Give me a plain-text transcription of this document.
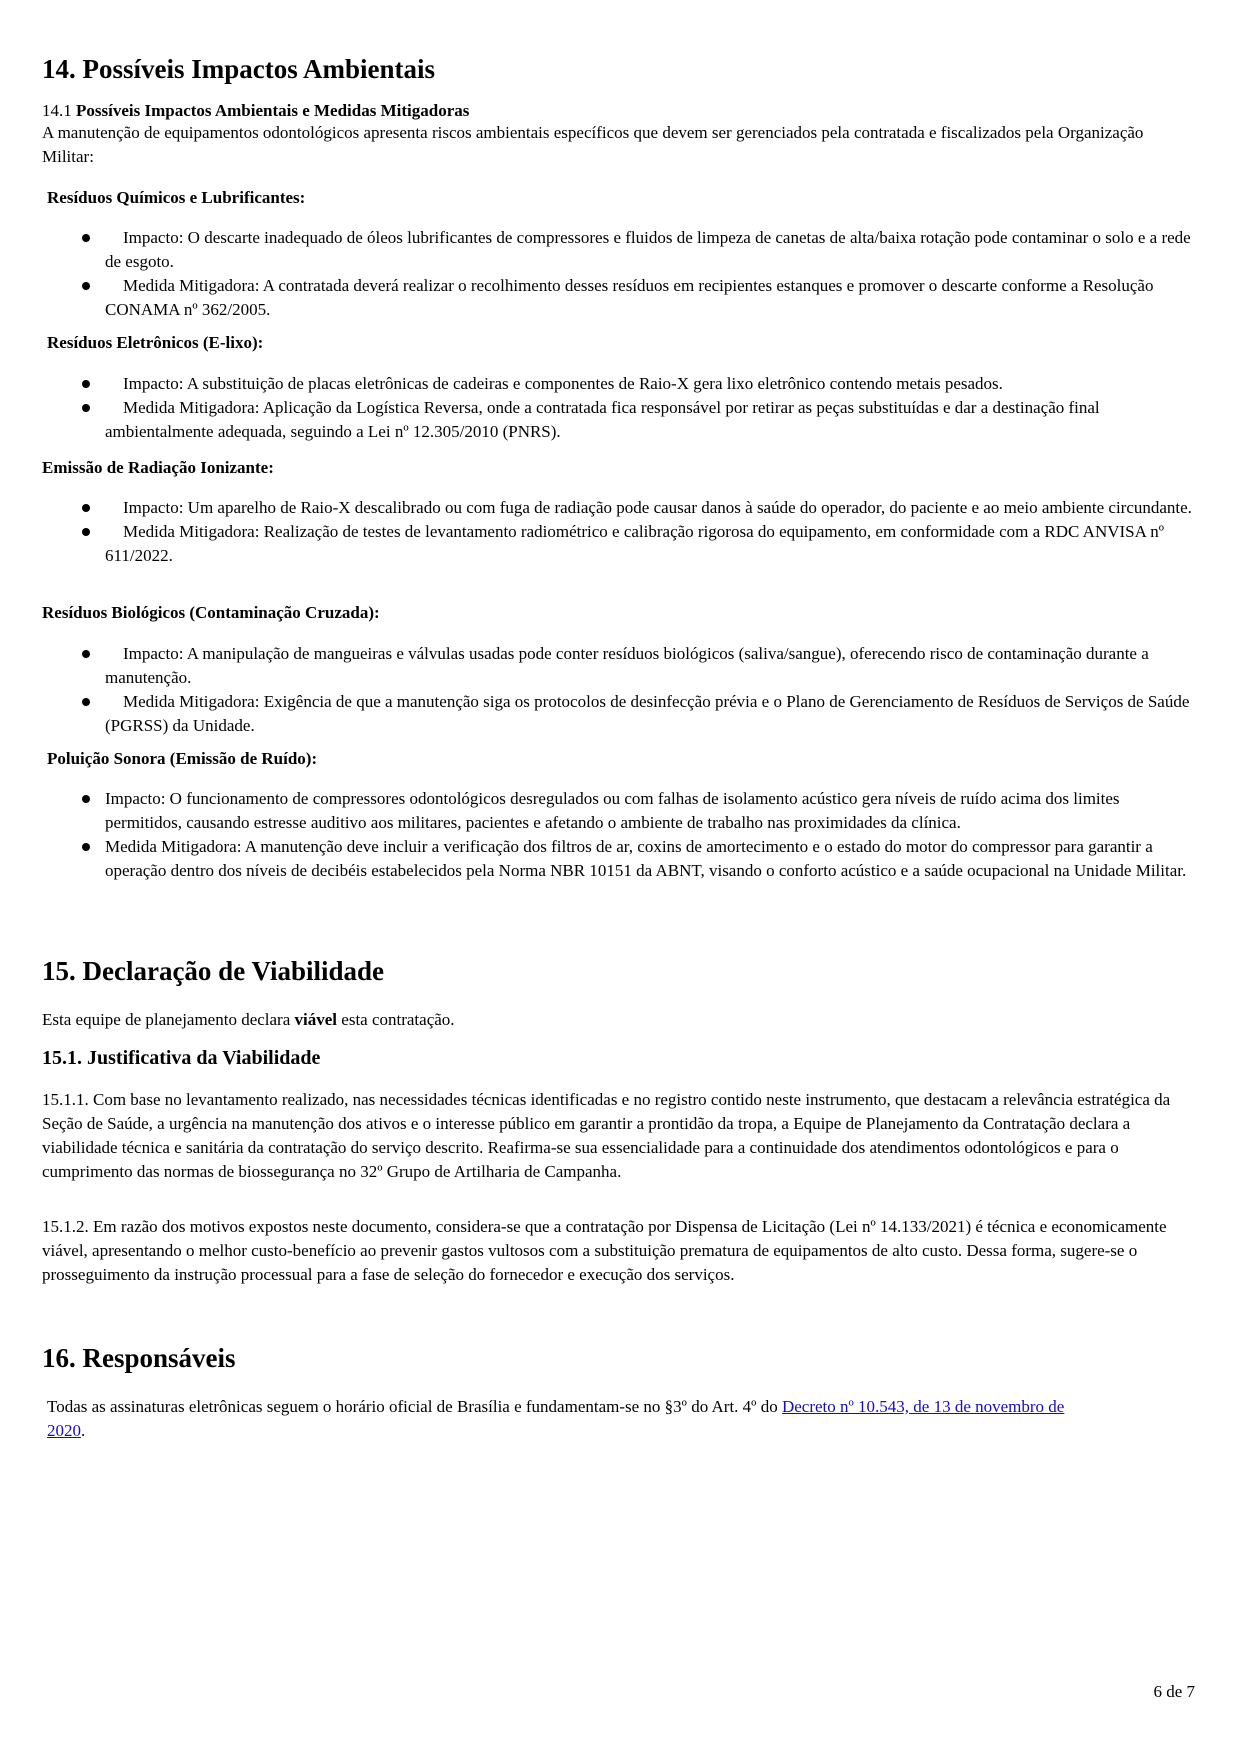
14. Possíveis Impactos Ambientais
14.1 Possíveis Impactos Ambientais e Medidas Mitigadoras
A manutenção de equipamentos odontológicos apresenta riscos ambientais específicos que devem ser gerenciados pela contratada e fiscalizados pela Organização Militar:
Resíduos Químicos e Lubrificantes:
Impacto: O descarte inadequado de óleos lubrificantes de compressores e fluidos de limpeza de canetas de alta/baixa rotação pode contaminar o solo e a rede de esgoto.
Medida Mitigadora: A contratada deverá realizar o recolhimento desses resíduos em recipientes estanques e promover o descarte conforme a Resolução CONAMA nº 362/2005.
Resíduos Eletrônicos (E-lixo):
Impacto: A substituição de placas eletrônicas de cadeiras e componentes de Raio-X gera lixo eletrônico contendo metais pesados.
Medida Mitigadora: Aplicação da Logística Reversa, onde a contratada fica responsável por retirar as peças substituídas e dar a destinação final ambientalmente adequada, seguindo a Lei nº 12.305/2010 (PNRS).
Emissão de Radiação Ionizante:
Impacto: Um aparelho de Raio-X descalibrado ou com fuga de radiação pode causar danos à saúde do operador, do paciente e ao meio ambiente circundante.
Medida Mitigadora: Realização de testes de levantamento radiométrico e calibração rigorosa do equipamento, em conformidade com a RDC ANVISA nº 611/2022.
Resíduos Biológicos (Contaminação Cruzada):
Impacto: A manipulação de mangueiras e válvulas usadas pode conter resíduos biológicos (saliva/sangue), oferecendo risco de contaminação durante a manutenção.
Medida Mitigadora: Exigência de que a manutenção siga os protocolos de desinfecção prévia e o Plano de Gerenciamento de Resíduos de Serviços de Saúde (PGRSS) da Unidade.
Poluição Sonora (Emissão de Ruído):
Impacto: O funcionamento de compressores odontológicos desregulados ou com falhas de isolamento acústico gera níveis de ruído acima dos limites permitidos, causando estresse auditivo aos militares, pacientes e afetando o ambiente de trabalho nas proximidades da clínica.
Medida Mitigadora: A manutenção deve incluir a verificação dos filtros de ar, coxins de amortecimento e o estado do motor do compressor para garantir a operação dentro dos níveis de decibéis estabelecidos pela Norma NBR 10151 da ABNT, visando o conforto acústico e a saúde ocupacional na Unidade Militar.
15. Declaração de Viabilidade
Esta equipe de planejamento declara viável esta contratação.
15.1. Justificativa da Viabilidade
15.1.1. Com base no levantamento realizado, nas necessidades técnicas identificadas e no registro contido neste instrumento, que destacam a relevância estratégica da Seção de Saúde, a urgência na manutenção dos ativos e o interesse público em garantir a prontidão da tropa, a Equipe de Planejamento da Contratação declara a viabilidade técnica e sanitária da contratação do serviço descrito. Reafirma-se sua essencialidade para a continuidade dos atendimentos odontológicos e para o cumprimento das normas de biossegurança no 32º Grupo de Artilharia de Campanha.
15.1.2. Em razão dos motivos expostos neste documento, considera-se que a contratação por Dispensa de Licitação (Lei nº 14.133/2021) é técnica e economicamente viável, apresentando o melhor custo-benefício ao prevenir gastos vultosos com a substituição prematura de equipamentos de alto custo. Dessa forma, sugere-se o prosseguimento da instrução processual para a fase de seleção do fornecedor e execução dos serviços.
16. Responsáveis
Todas as assinaturas eletrônicas seguem o horário oficial de Brasília e fundamentam-se no §3º do Art. 4º do Decreto nº 10.543, de 13 de novembro de 2020.
6 de 7
